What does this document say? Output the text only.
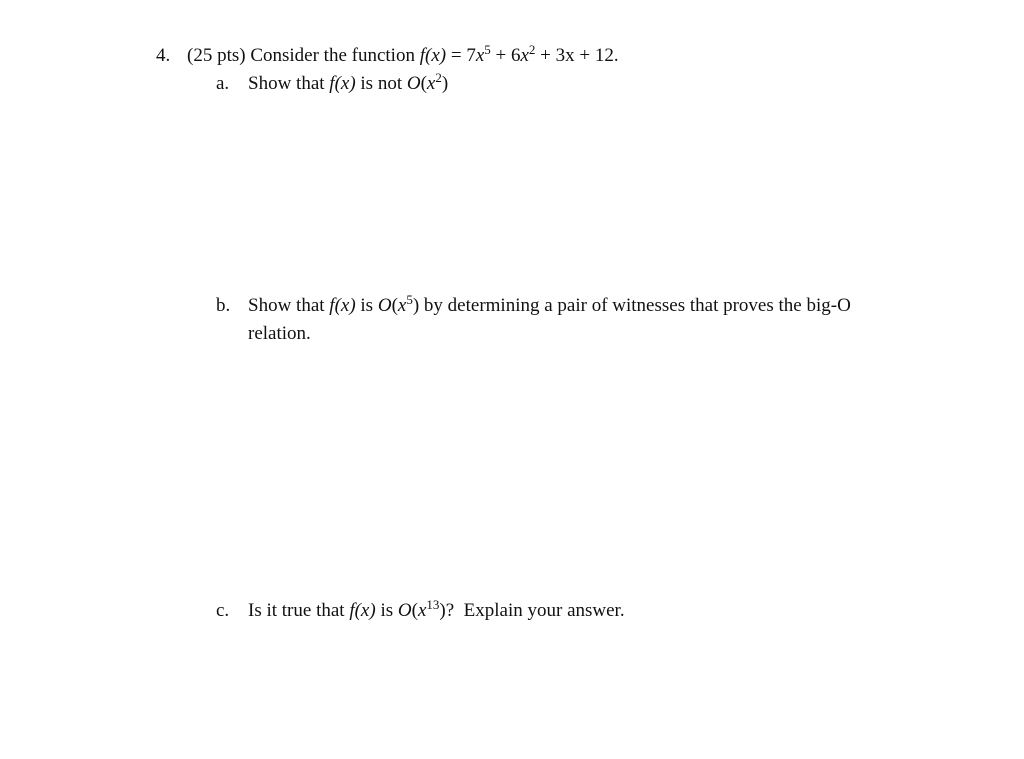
4. (25 pts) Consider the function $f(x) = 7x^5 + 6x^2 + 3x + 12$.
a. Show that f(x) is not $O(x^2)$
b. Show that f(x) is $O(x^5)$ by determining a pair of witnesses that proves the big-O
relation.
c. Is it true that f(x) is $O(x^{13})$?  Explain your answer.
